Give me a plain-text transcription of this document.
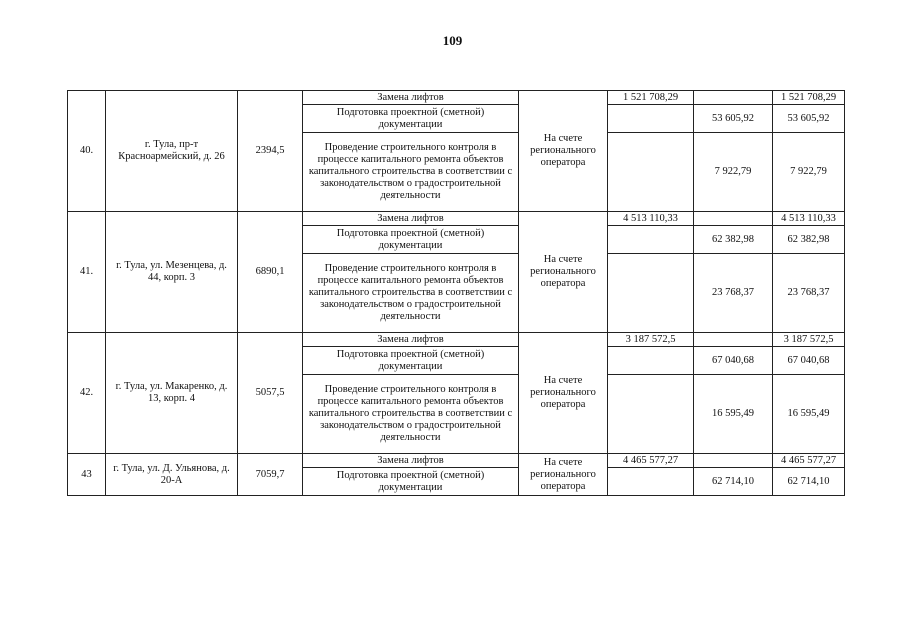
109
40.	г. Тула, пр-т Красноармейский, д. 26	2394,5	Замена лифтов	На счете регионального оператора	1 521 708,29		1 521 708,29
			Подготовка проектной (сметной) документации			53 605,92	53 605,92
			Проведение строительного контроля в процессе капитального ремонта объектов капитального строительства в соответствии с законодательством о градостроительной деятельности			7 922,79	7 922,79
41.	г. Тула, ул. Мезенцева, д. 44, корп. 3	6890,1	Замена лифтов	На счете регионального оператора	4 513 110,33		4 513 110,33
			Подготовка проектной (сметной) документации			62 382,98	62 382,98
			Проведение строительного контроля в процессе капитального ремонта объектов капитального строительства в соответствии с законодательством о градостроительной деятельности			23 768,37	23 768,37
42.	г. Тула, ул. Макаренко, д. 13, корп. 4	5057,5	Замена лифтов	На счете регионального оператора	3 187 572,5		3 187 572,5
			Подготовка проектной (сметной) документации			67 040,68	67 040,68
			Проведение строительного контроля в процессе капитального ремонта объектов капитального строительства в соответствии с законодательством о градостроительной деятельности			16 595,49	16 595,49
43	г. Тула, ул. Д. Ульянова, д. 20-А	7059,7	Замена лифтов	На счете регионального оператора	4 465 577,27		4 465 577,27
			Подготовка проектной (сметной) документации			62 714,10	62 714,10
